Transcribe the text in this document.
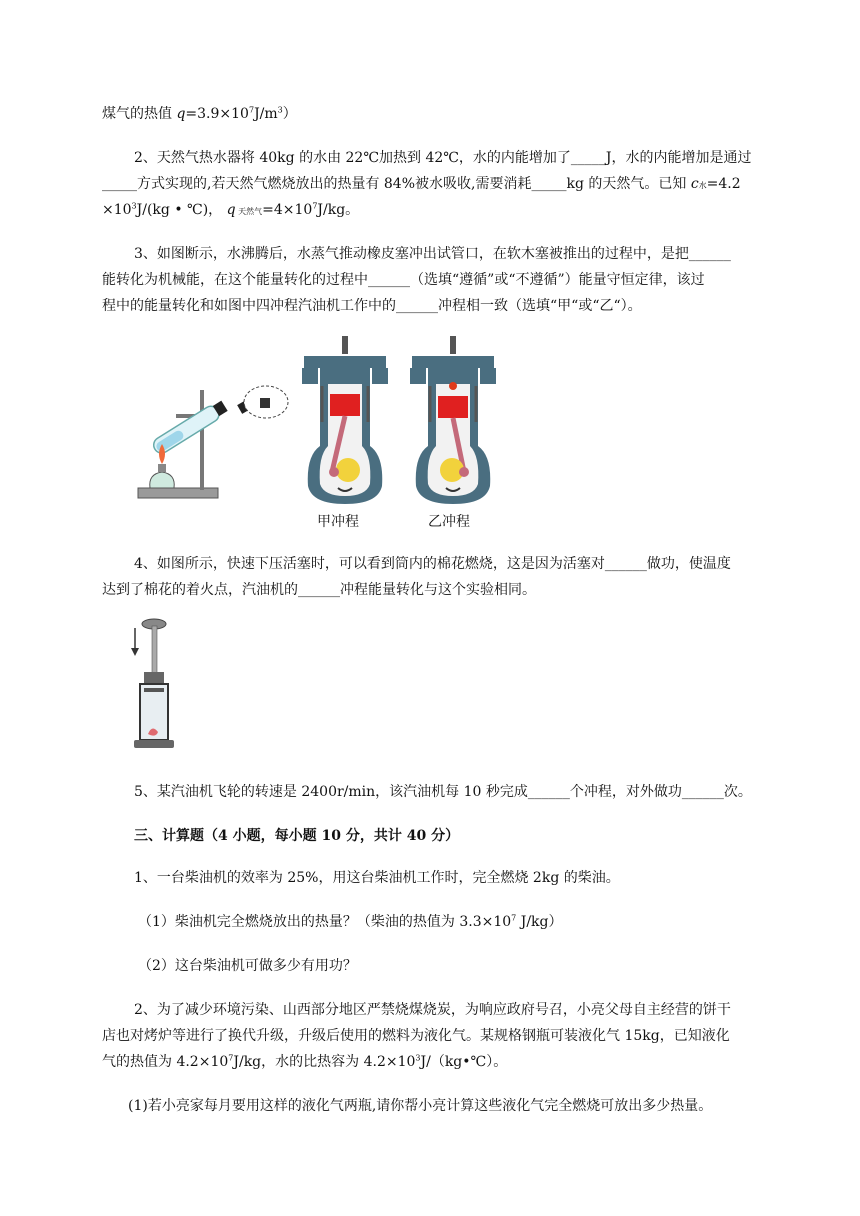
煤气的热值 $q=3.9\times 10^7J/m^3$）
2、天然气热水器将 40kg 的水由 22℃加热到 42℃，水的内能增加了_____J，水的内能增加是通过
_____方式实现的,若天然气燃烧放出的热量有 84%被水吸收,需要消耗_____kg 的天然气。已知 c水=4.2
$\times 10^3J/(kg$ • ℃)， q 天然气$=4\times 10^7J/kg$。
3、如图断示，水沸腾后，水蒸气推动橡皮塞冲出试管口，在软木塞被推出的过程中，是把______
能转化为机械能，在这个能量转化的过程中______（选填“遵循”或“不遵循”）能量守恒定律，该过
程中的能量转化和如图中四冲程汽油机工作中的______冲程相一致（选填“甲“或“乙“）。
甲冲程	乙冲程
4、如图所示，快速下压活塞时，可以看到筒内的棉花燃烧，这是因为活塞对______做功，使温度
达到了棉花的着火点，汽油机的______冲程能量转化与这个实验相同。
5、某汽油机飞轮的转速是 2400r/min，该汽油机每 10 秒完成______个冲程，对外做功______次。
三、计算题（4 小题，每小题 10 分，共计 40 分）
1、一台柴油机的效率为 25%，用这台柴油机工作时，完全燃烧 2kg 的柴油。
（1）柴油机完全燃烧放出的热量？（柴油的热值为 $3.3\times 10^7$ J/kg）
（2）这台柴油机可做多少有用功？
2、为了减少环境污染、山西部分地区严禁烧煤烧炭，为响应政府号召，小亮父母自主经营的饼干
店也对烤炉等进行了换代升级，升级后使用的燃料为液化气。某规格钢瓶可装液化气 15kg，已知液化
气的热值为 $4.2\times 10^7J/kg$，水的比热容为 $4.2\times 10^3J/(kg•℃)$。
(1)若小亮家每月要用这样的液化气两瓶,请你帮小亮计算这些液化气完全燃烧可放出多少热量。
